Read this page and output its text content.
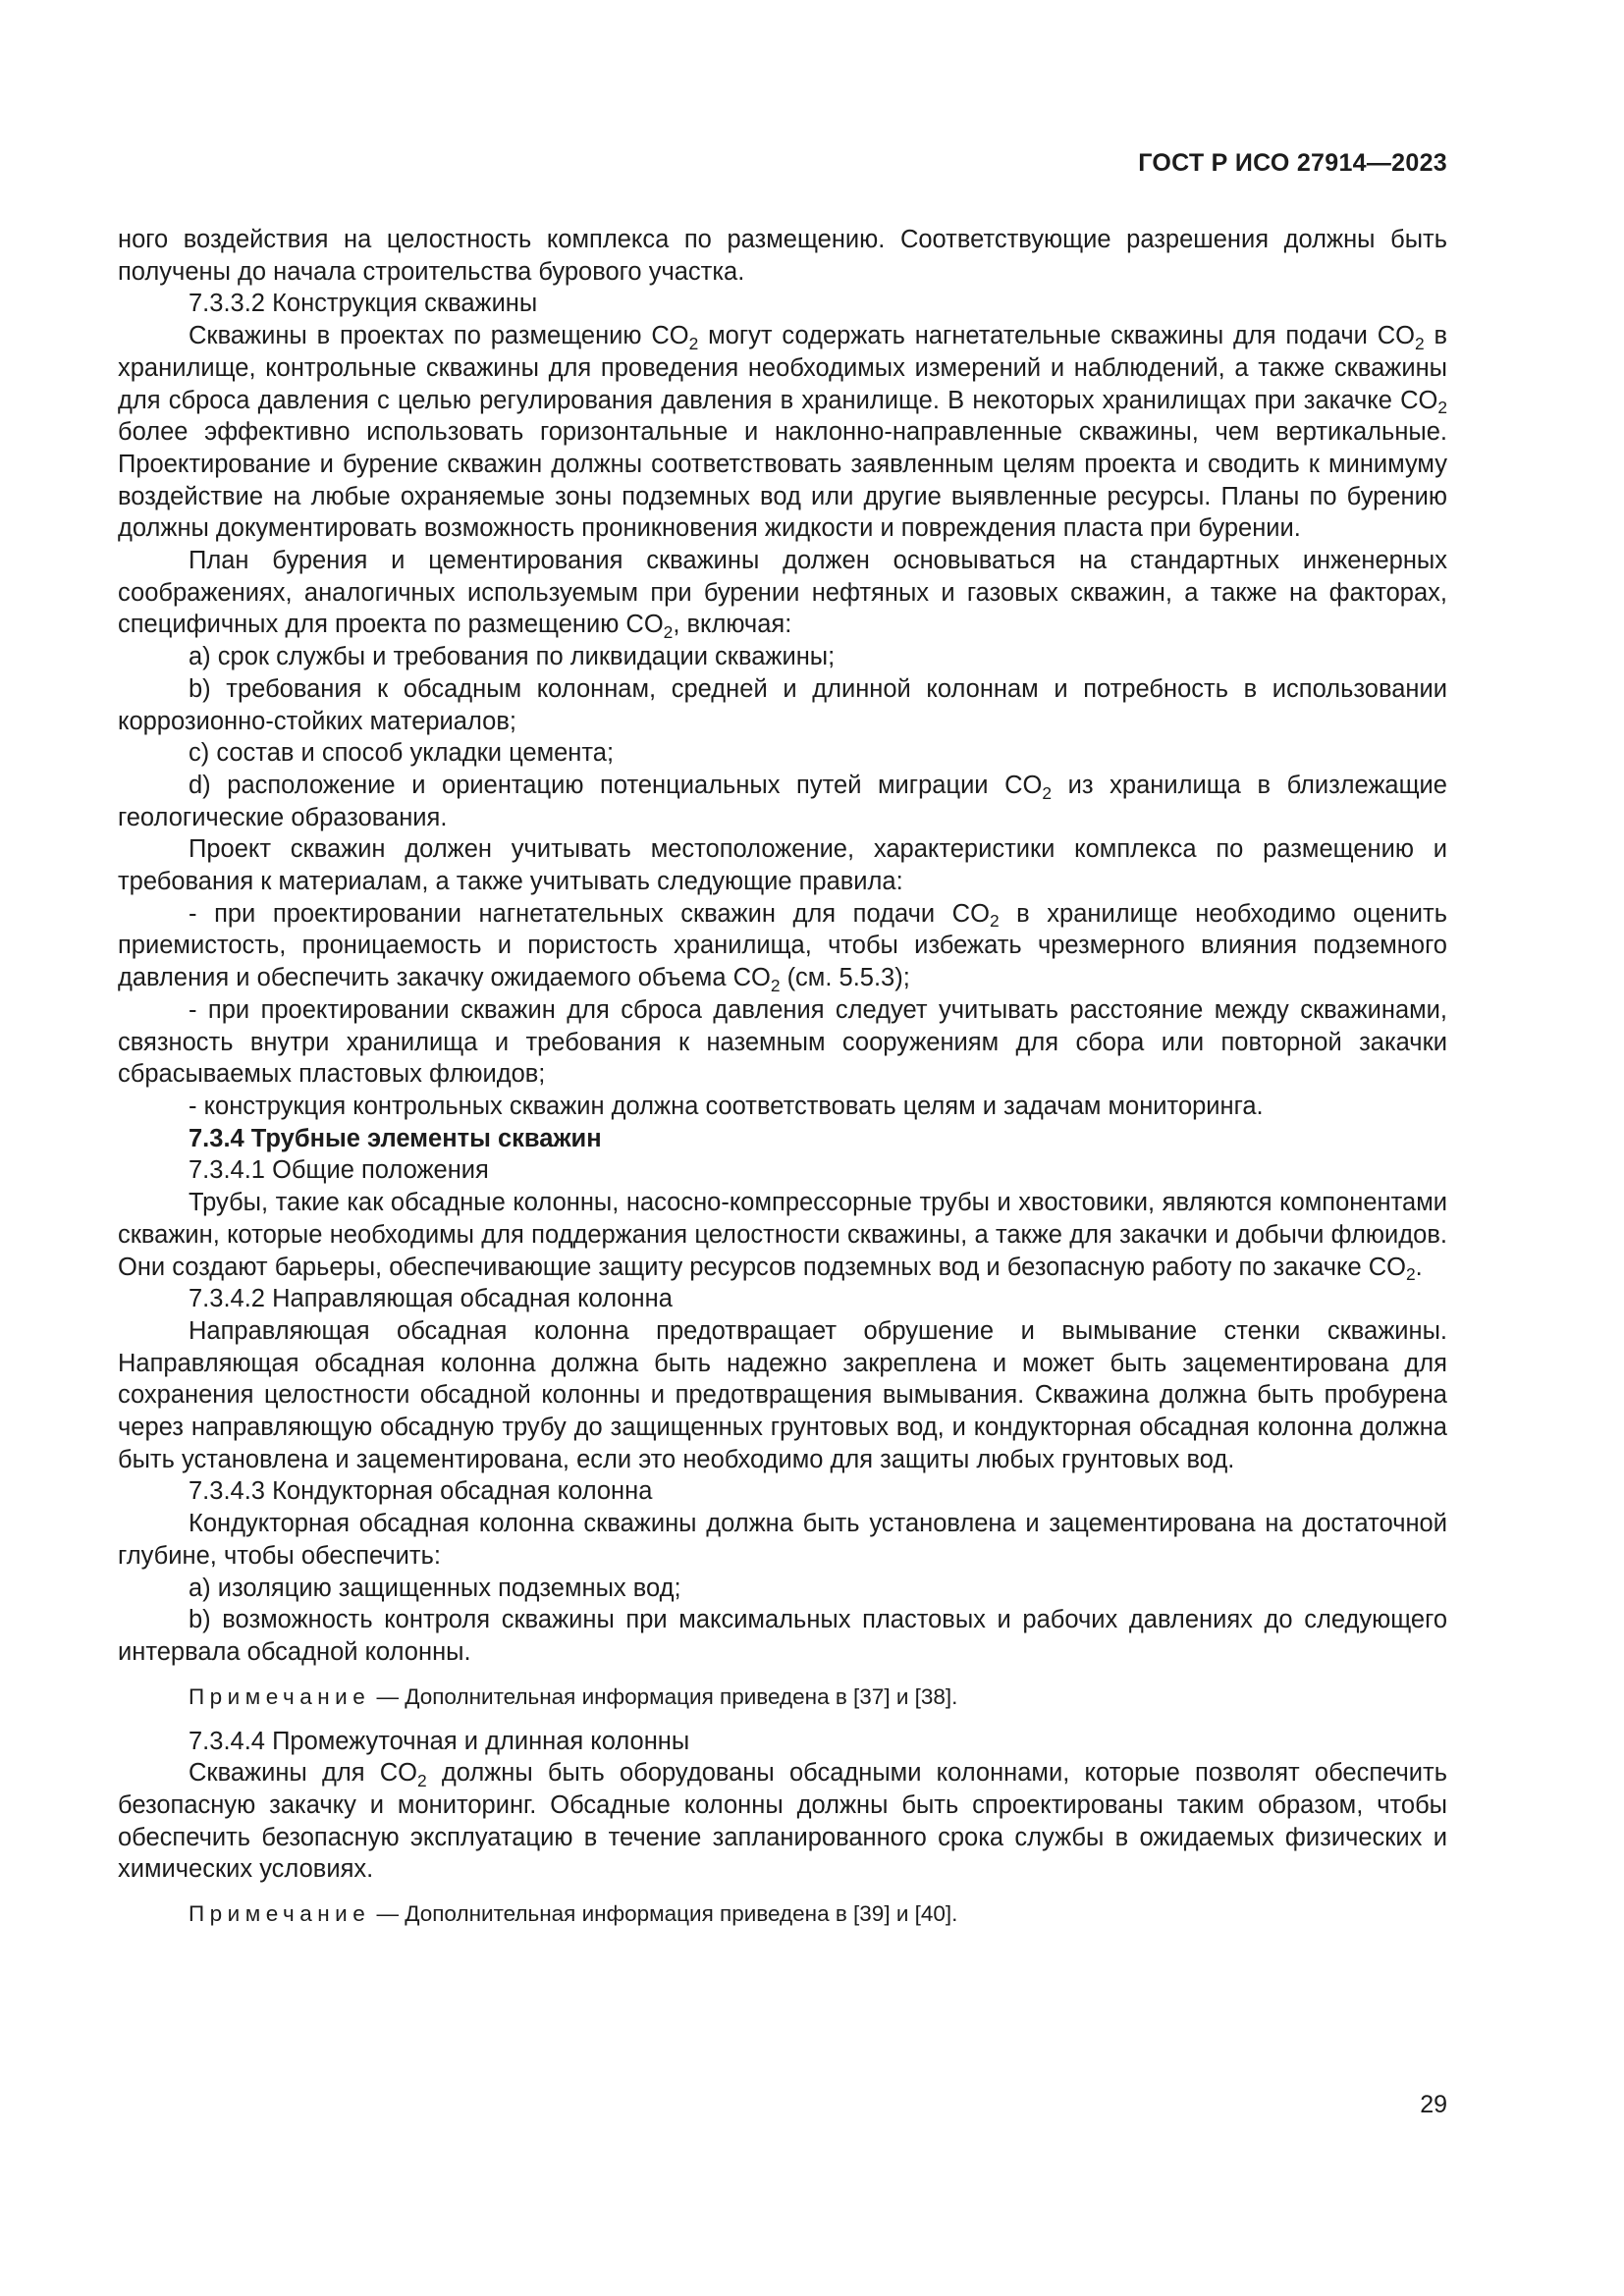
ГОСТ Р ИСО 27914—2023

ного воздействия на целостность комплекса по размещению. Соответствующие разрешения должны быть получены до начала строительства бурового участка.

7.3.3.2 Конструкция скважины

Скважины в проектах по размещению $CO_2$ могут содержать нагнетательные скважины для подачи $CO_2$ в хранилище, контрольные скважины для проведения необходимых измерений и наблюдений, а также скважины для сброса давления с целью регулирования давления в хранилище. В некоторых хранилищах при закачке $CO_2$ более эффективно использовать горизонтальные и наклонно-направленные скважины, чем вертикальные. Проектирование и бурение скважин должны соответствовать заявленным целям проекта и сводить к минимуму воздействие на любые охраняемые зоны подземных вод или другие выявленные ресурсы. Планы по бурению должны документировать возможность проникновения жидкости и повреждения пласта при бурении.

План бурения и цементирования скважины должен основываться на стандартных инженерных соображениях, аналогичных используемым при бурении нефтяных и газовых скважин, а также на факторах, специфичных для проекта по размещению $CO_2$, включая:

a) срок службы и требования по ликвидации скважины;

b) требования к обсадным колоннам, средней и длинной колоннам и потребность в использовании коррозионно-стойких материалов;

c) состав и способ укладки цемента;

d) расположение и ориентацию потенциальных путей миграции $CO_2$ из хранилища в близлежащие геологические образования.

Проект скважин должен учитывать местоположение, характеристики комплекса по размещению и требования к материалам, а также учитывать следующие правила:

- при проектировании нагнетательных скважин для подачи $CO_2$ в хранилище необходимо оценить приемистость, проницаемость и пористость хранилища, чтобы избежать чрезмерного влияния подземного давления и обеспечить закачку ожидаемого объема $CO_2$ (см. 5.5.3);

- при проектировании скважин для сброса давления следует учитывать расстояние между скважинами, связность внутри хранилища и требования к наземным сооружениям для сбора или повторной закачки сбрасываемых пластовых флюидов;

- конструкция контрольных скважин должна соответствовать целям и задачам мониторинга.

7.3.4 Трубные элементы скважин

7.3.4.1 Общие положения

Трубы, такие как обсадные колонны, насосно-компрессорные трубы и хвостовики, являются компонентами скважин, которые необходимы для поддержания целостности скважины, а также для закачки и добычи флюидов. Они создают барьеры, обеспечивающие защиту ресурсов подземных вод и безопасную работу по закачке $CO_2$.

7.3.4.2 Направляющая обсадная колонна

Направляющая обсадная колонна предотвращает обрушение и вымывание стенки скважины. Направляющая обсадная колонна должна быть надежно закреплена и может быть зацементирована для сохранения целостности обсадной колонны и предотвращения вымывания. Скважина должна быть пробурена через направляющую обсадную трубу до защищенных грунтовых вод, и кондукторная обсадная колонна должна быть установлена и зацементирована, если это необходимо для защиты любых грунтовых вод.

7.3.4.3 Кондукторная обсадная колонна

Кондукторная обсадная колонна скважины должна быть установлена и зацементирована на достаточной глубине, чтобы обеспечить:

a) изоляцию защищенных подземных вод;

b) возможность контроля скважины при максимальных пластовых и рабочих давлениях до следующего интервала обсадной колонны.

Примечание — Дополнительная информация приведена в [37] и [38].

7.3.4.4 Промежуточная и длинная колонны

Скважины для $CO_2$ должны быть оборудованы обсадными колоннами, которые позволят обеспечить безопасную закачку и мониторинг. Обсадные колонны должны быть спроектированы таким образом, чтобы обеспечить безопасную эксплуатацию в течение запланированного срока службы в ожидаемых физических и химических условиях.

Примечание — Дополнительная информация приведена в [39] и [40].

29
